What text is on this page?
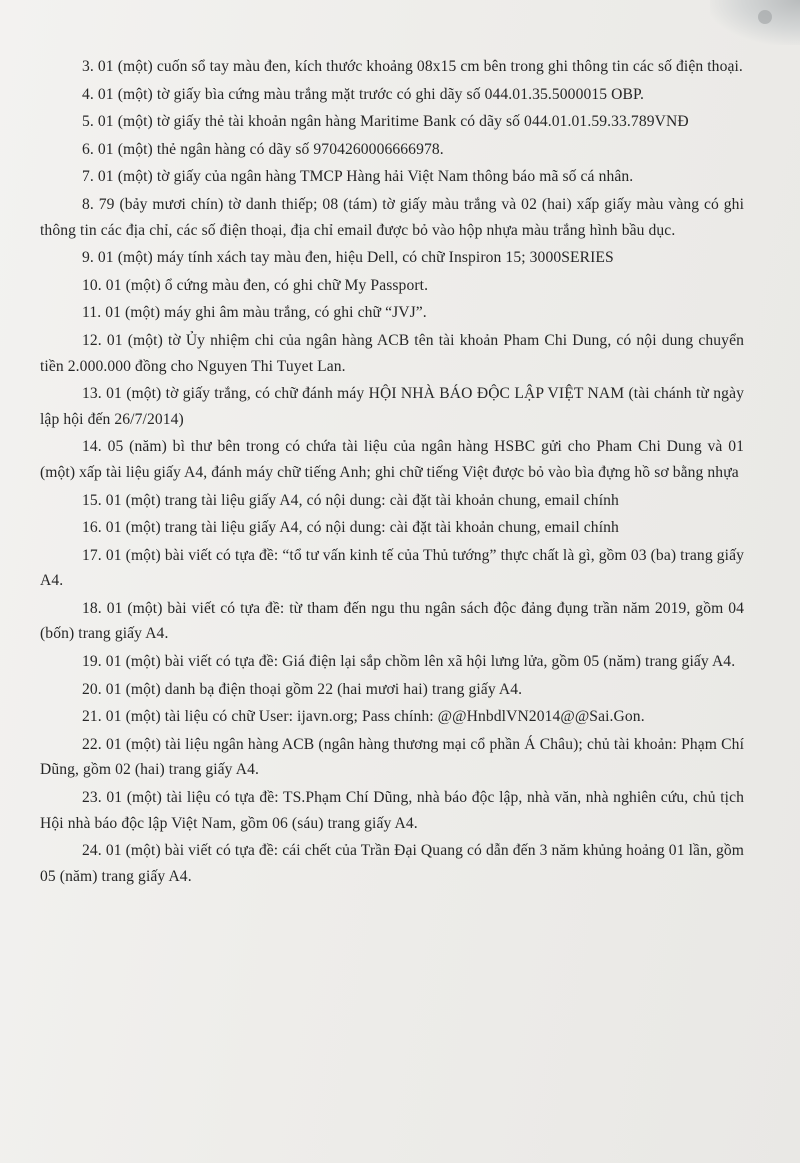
3. 01 (một) cuốn sổ tay màu đen, kích thước khoảng 08x15 cm bên trong ghi thông tin các số điện thoại.

4. 01 (một) tờ giấy bìa cứng màu trắng mặt trước có ghi dãy số 044.01.35.5000015 OBP.

5. 01 (một) tờ giấy thẻ tài khoản ngân hàng Maritime Bank có dãy số 044.01.01.59.33.789VNĐ

6. 01 (một) thẻ ngân hàng có dãy số 9704260006666978.

7. 01 (một) tờ giấy của ngân hàng TMCP Hàng hải Việt Nam thông báo mã số cá nhân.

8. 79 (bảy mươi chín) tờ danh thiếp; 08 (tám) tờ giấy màu trắng và 02 (hai) xấp giấy màu vàng có ghi thông tin các địa chỉ, các số điện thoại, địa chỉ email được bỏ vào hộp nhựa màu trắng hình bầu dục.

9. 01 (một) máy tính xách tay màu đen, hiệu Dell, có chữ Inspiron 15; 3000SERIES

10. 01 (một) ổ cứng màu đen, có ghi chữ My Passport.

11. 01 (một) máy ghi âm màu trắng, có ghi chữ “JVJ”.

12. 01 (một) tờ Ủy nhiệm chi của ngân hàng ACB tên tài khoản Pham Chi Dung, có nội dung chuyển tiền 2.000.000 đồng cho Nguyen Thi Tuyet Lan.

13. 01 (một) tờ giấy trắng, có chữ đánh máy HỘI NHÀ BÁO ĐỘC LẬP VIỆT NAM (tài chánh từ ngày lập hội đến 26/7/2014)

14. 05 (năm) bì thư bên trong có chứa tài liệu của ngân hàng HSBC gửi cho Pham Chi Dung và 01 (một) xấp tài liệu giấy A4, đánh máy chữ tiếng Anh; ghi chữ tiếng Việt được bỏ vào bìa đựng hồ sơ bằng nhựa

15. 01 (một) trang tài liệu giấy A4, có nội dung: cài đặt tài khoản chung, email chính

16. 01 (một) trang tài liệu giấy A4, có nội dung: cài đặt tài khoản chung, email chính

17. 01 (một) bài viết có tựa đề: “tổ tư vấn kinh tế của Thủ tướng” thực chất là gì, gồm 03 (ba) trang giấy A4.

18. 01 (một) bài viết có tựa đề: từ tham đến ngu thu ngân sách độc đảng đụng trần năm 2019, gồm 04 (bốn) trang giấy A4.

19. 01 (một) bài viết có tựa đề: Giá điện lại sắp chồm lên xã hội lưng lửa, gồm 05 (năm) trang giấy A4.

20. 01 (một) danh bạ điện thoại gồm 22 (hai mươi hai) trang giấy A4.

21. 01 (một) tài liệu có chữ User: ijavn.org; Pass chính: @@HnbdlVN2014@@Sai.Gon.

22. 01 (một) tài liệu ngân hàng ACB (ngân hàng thương mại cổ phần Á Châu); chủ tài khoản: Phạm Chí Dũng, gồm 02 (hai) trang giấy A4.

23. 01 (một) tài liệu có tựa đề: TS.Phạm Chí Dũng, nhà báo độc lập, nhà văn, nhà nghiên cứu, chủ tịch Hội nhà báo độc lập Việt Nam, gồm 06 (sáu) trang giấy A4.

24. 01 (một) bài viết có tựa đề: cái chết của Trần Đại Quang có dẫn đến 3 năm khủng hoảng 01 lần, gồm 05 (năm) trang giấy A4.
